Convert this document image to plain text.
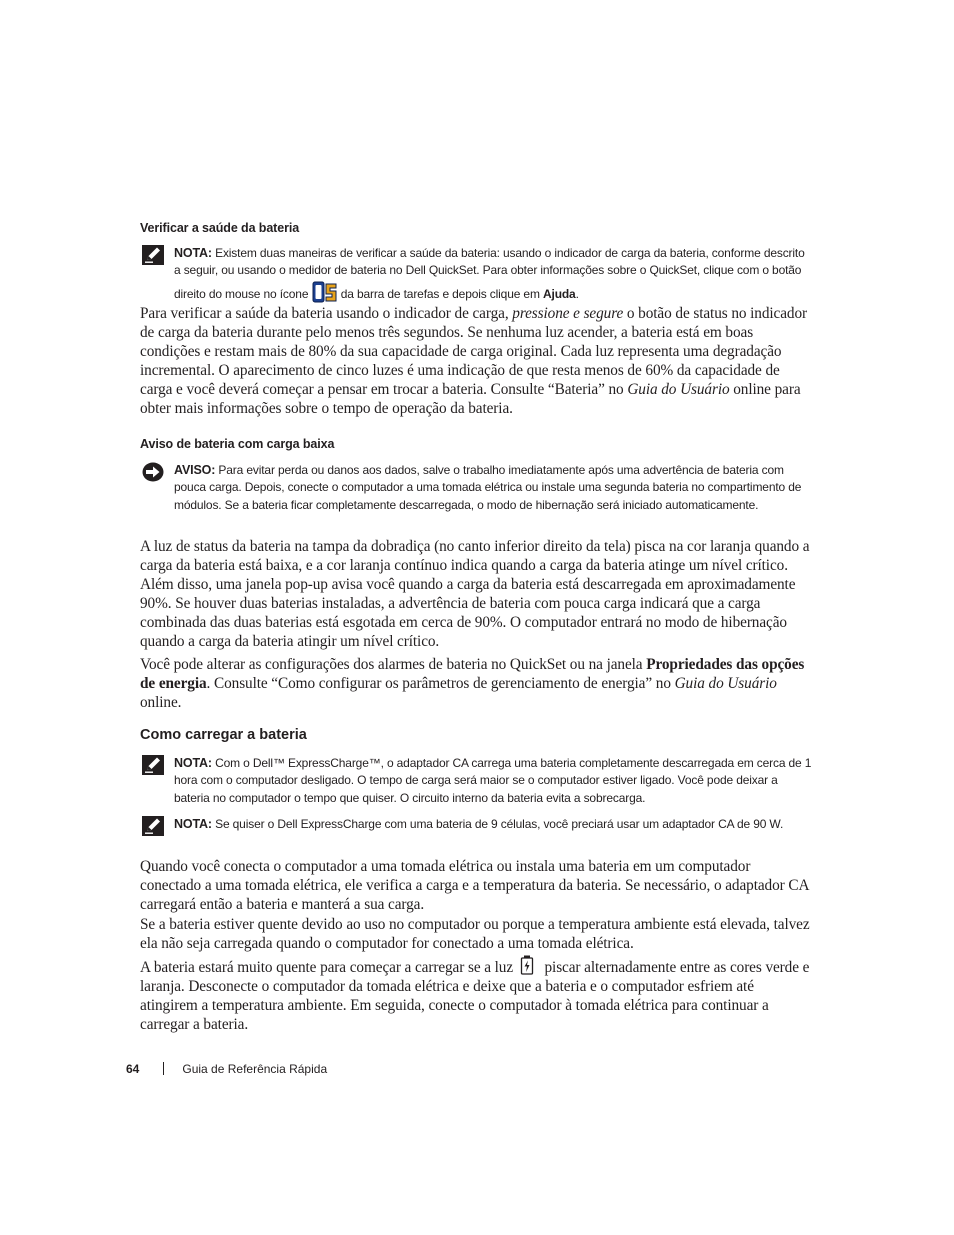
Verificar a saúde da bateria
NOTA: Existem duas maneiras de verificar a saúde da bateria: usando o indicador de carga da bateria, conforme descrito a seguir, ou usando o medidor de bateria no Dell QuickSet. Para obter informações sobre o QuickSet, clique com o botão direito do mouse no ícone  da barra de tarefas e depois clique em Ajuda.
Para verificar a saúde da bateria usando o indicador de carga, pressione e segure o botão de status no indicador de carga da bateria durante pelo menos três segundos. Se nenhuma luz acender, a bateria está em boas condições e restam mais de 80% da sua capacidade de carga original. Cada luz representa uma degradação incremental. O aparecimento de cinco luzes é uma indicação de que resta menos de 60% da capacidade de carga e você deverá começar a pensar em trocar a bateria. Consulte “Bateria” no Guia do Usuário online para obter mais informações sobre o tempo de operação da bateria.
Aviso de bateria com carga baixa
AVISO: Para evitar perda ou danos aos dados, salve o trabalho imediatamente após uma advertência de bateria com pouca carga. Depois, conecte o computador a uma tomada elétrica ou instale uma segunda bateria no compartimento de módulos. Se a bateria ficar completamente descarregada, o modo de hibernação será iniciado automaticamente.
A luz de status da bateria na tampa da dobradiça (no canto inferior direito da tela) pisca na cor laranja quando a carga da bateria está baixa, e a cor laranja contínuo indica quando a carga da bateria atinge um nível crítico. Além disso, uma janela pop-up avisa você quando a carga da bateria está descarregada em aproximadamente 90%. Se houver duas baterias instaladas, a advertência de bateria com pouca carga indicará que a carga combinada das duas baterias está esgotada em cerca de 90%. O computador entrará no modo de hibernação quando a carga da bateria atingir um nível crítico.
Você pode alterar as configurações dos alarmes de bateria no QuickSet ou na janela Propriedades das opções de energia. Consulte “Como configurar os parâmetros de gerenciamento de energia” no Guia do Usuário online.
Como carregar a bateria
NOTA: Com o Dell™ ExpressCharge™, o adaptador CA carrega uma bateria completamente descarregada em cerca de 1 hora com o computador desligado. O tempo de carga será maior se o computador estiver ligado. Você pode deixar a bateria no computador o tempo que quiser. O circuito interno da bateria evita a sobrecarga.
NOTA: Se quiser o Dell ExpressCharge com uma bateria de 9 células, você preciará usar um adaptador CA de 90 W.
Quando você conecta o computador a uma tomada elétrica ou instala uma bateria em um computador conectado a uma tomada elétrica, ele verifica a carga e a temperatura da bateria. Se necessário, o adaptador CA carregará então a bateria e manterá a sua carga.
Se a bateria estiver quente devido ao uso no computador ou porque a temperatura ambiente está elevada, talvez ela não seja carregada quando o computador for conectado a uma tomada elétrica.
A bateria estará muito quente para começar a carregar se a luz  piscar alternadamente entre as cores verde e laranja. Desconecte o computador da tomada elétrica e deixe que a bateria e o computador esfriem até atingirem a temperatura ambiente. Em seguida, conecte o computador à tomada elétrica para continuar a carregar a bateria.
64	Guia de Referência Rápida
